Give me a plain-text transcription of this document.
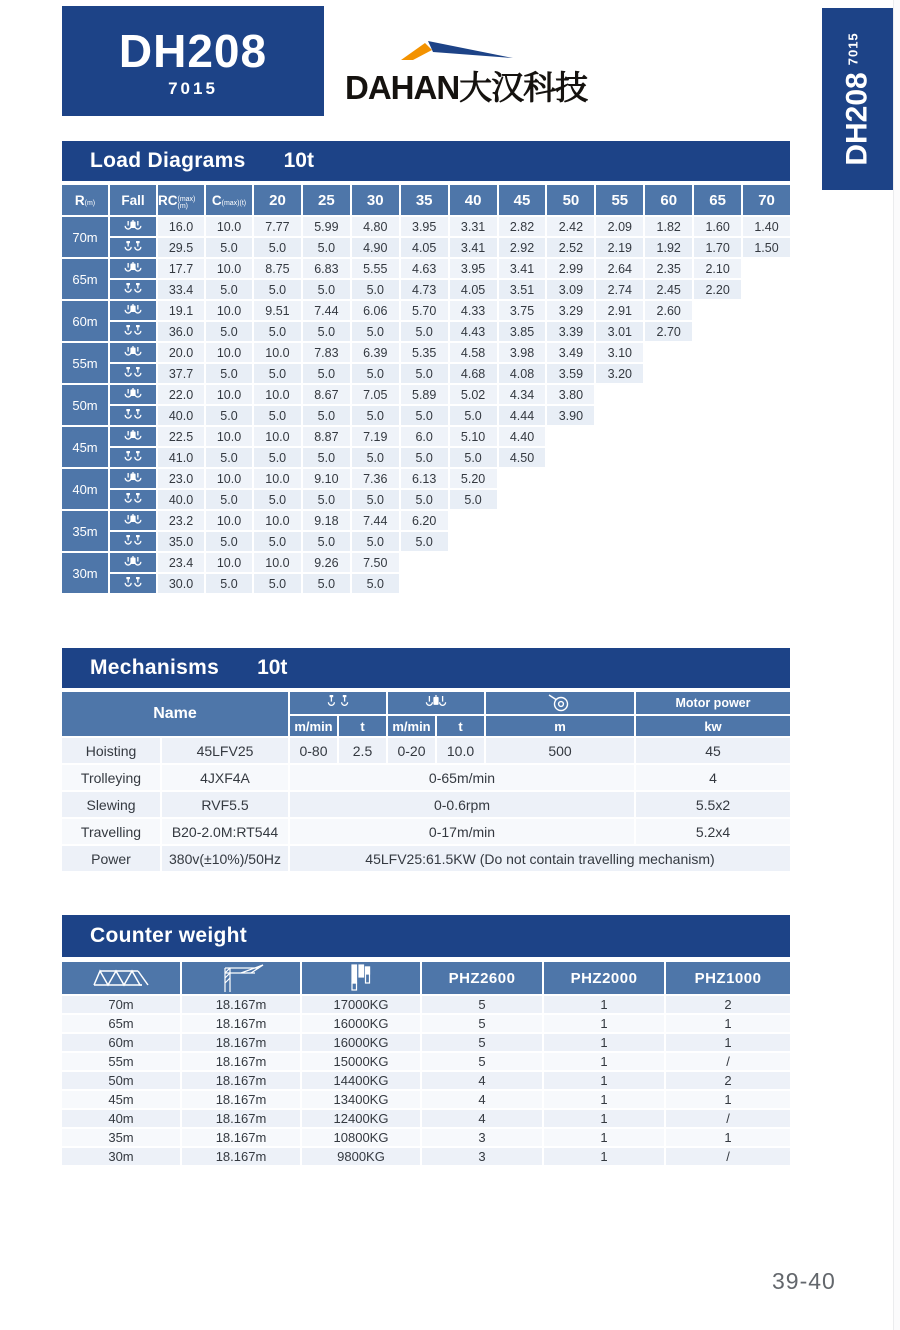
DH208
7015	DAHAN大汉科技	DH208
7015
Load Diagrams 10t
R (m)	Fall RC (max)(m)	C (max)(t)	20	25	30	35	40	45	50	55	60	65	70
70m
16.0	10.0	7.77	5.99	4.80	3.95	3.31	2.82	2.42	2.09	1.82	1.60	1.40
29.5	5.0	5.0	5.0	4.90	4.05	3.41	2.92	2.52	2.19	1.92	1.70	1.50
65m
17.7	10.0	8.75	6.83	5.55	4.63	3.95	3.41	2.99	2.64	2.35	2.10
33.4	5.0	5.0	5.0	5.0	4.73	4.05	3.51	3.09	2.74	2.45	2.20
60m
19.1	10.0	9.51	7.44	6.06	5.70	4.33	3.75	3.29	2.91	2.60
36.0	5.0	5.0	5.0	5.0	5.0	4.43	3.85	3.39	3.01	2.70
55m
20.0	10.0	10.0	7.83	6.39	5.35	4.58	3.98	3.49	3.10
37.7	5.0	5.0	5.0	5.0	5.0	4.68	4.08	3.59	3.20
50m
22.0	10.0	10.0	8.67	7.05	5.89	5.02	4.34	3.80
40.0	5.0	5.0	5.0	5.0	5.0	5.0	4.44	3.90
45m
22.5	10.0	10.0	8.87	7.19	6.0	5.10	4.40
41.0	5.0	5.0	5.0	5.0	5.0	5.0	4.50
40m
23.0	10.0	10.0	9.10	7.36	6.13	5.20
40.0	5.0	5.0	5.0	5.0	5.0	5.0
35m
23.2	10.0	10.0	9.18	7.44	6.20
35.0	5.0	5.0	5.0	5.0	5.0
30m
23.4	10.0	10.0	9.26	7.50
30.0	5.0	5.0	5.0	5.0
Mechanisms 10t
Name
Motor power
m/min	t	m/min	t	m	kw
Hoisting	45LFV25	0-80	2.5	0-20	10.0	500	45
Trolleying	4JXF4A	0-65m/min	4
Slewing	RVF5.5	0-0.6rpm	5.5x2
Travelling	B20-2.0M:RT544	0-17m/min	5.2x4
Power	380v(±10%)/50Hz	45LFV25:61.5KW (Do not contain travelling mechanism)
Counter weight
PHZ2600	PHZ2000	PHZ1000
70m	18.167m	17000KG	5	1	2
65m	18.167m	16000KG	5	1	1
60m	18.167m	16000KG	5	1	1
55m	18.167m	15000KG	5	1	/
50m	18.167m	14400KG	4	1	2
45m	18.167m	13400KG	4	1	1
40m	18.167m	12400KG	4	1	/
35m	18.167m	10800KG	3	1	1
30m	18.167m	9800KG	3	1	/
39-40
